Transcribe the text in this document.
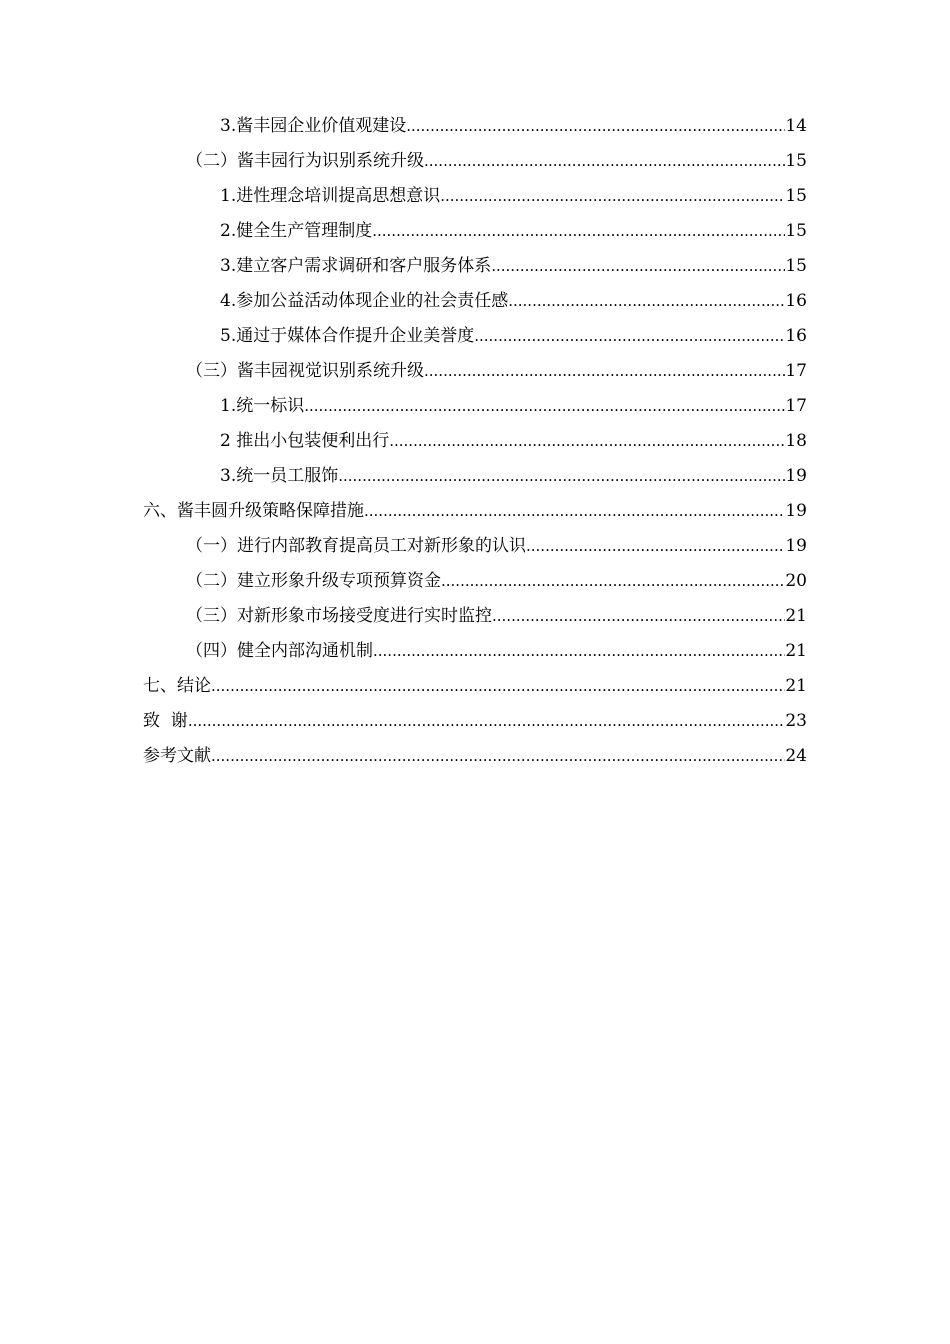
3.酱丰园企业价值观建设 .....	14
（二）酱丰园行为识别系统升级 .....	15
1.进性理念培训提高思想意识 .....	15
2.健全生产管理制度 .....	15
3.建立客户需求调研和客户服务体系 .....	15
4.参加公益活动体现企业的社会责任感 .....	16
5.通过于媒体合作提升企业美誉度 .....	16
（三）酱丰园视觉识别系统升级 .....	17
1.统一标识 .....	17
2 推出小包装便利出行 .....	18
3.统一员工服饰 .....	19
六、酱丰圆升级策略保障措施 .....	19
（一）进行内部教育提高员工对新形象的认识 .....	19
（二）建立形象升级专项预算资金 .....	20
（三）对新形象市场接受度进行实时监控 .....	21
（四）健全内部沟通机制 .....	21
七、结论 .....	21
致  谢 .....	23
参考文献 .....	24
